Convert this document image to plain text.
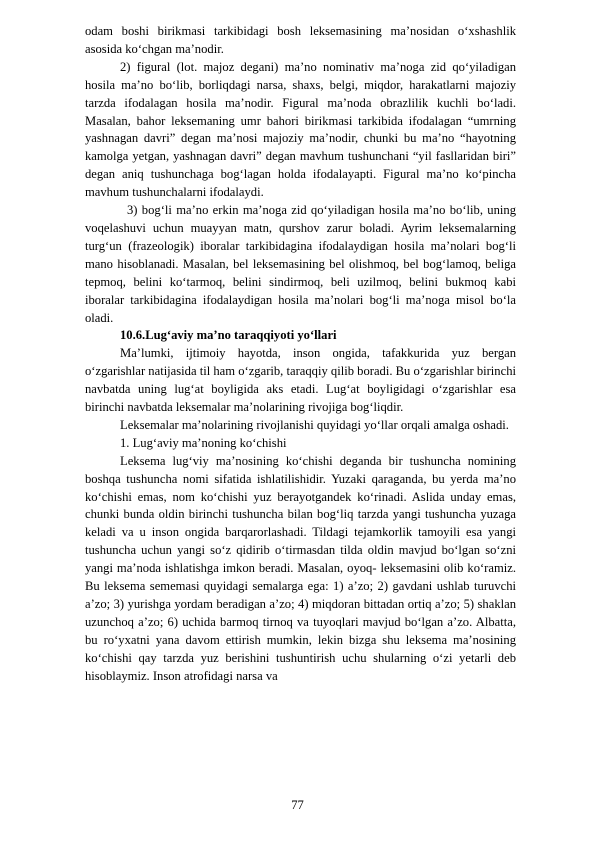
odam boshi birikmasi tarkibidagi bosh leksemasining ma’nosidan o‘xshashlik asosida ko‘chgan ma’nodir.

2) figural (lot. majoz degani) ma’no nominativ ma’noga zid qo‘yiladigan hosila ma’no bo‘lib, borliqdagi narsa, shaxs, belgi, miqdor, harakatlarni majoziy tarzda ifodalagan hosila ma’nodir. Figural ma’noda obrazlilik kuchli bo‘ladi. Masalan, bahor leksemaning umr bahori birikmasi tarkibida ifodalagan “umrning yashnagan davri” degan ma’nosi majoziy ma’nodir, chunki bu ma’no “hayotning kamolga yetgan, yashnagan davri” degan mavhum tushunchani “yil fasllaridan biri” degan aniq tushunchaga bog‘lagan holda ifodalayapti. Figural ma’no ko‘pincha mavhum tushunchalarni ifodalaydi.

3) bog‘li ma’no erkin ma’noga zid qo‘yiladigan hosila ma’no bo‘lib, uning voqelashuvi uchun muayyan matn, qurshov zarur boladi. Ayrim leksemalarning turg‘un (frazeologik) iboralar tarkibidagina ifodalaydigan hosila ma’nolari bog‘li mano hisoblanadi. Masalan, bel leksemasining bel olishmoq, bel bog‘lamoq, beliga tepmoq, belini ko‘tarmoq, belini sindirmoq, beli uzilmoq, belini bukmoq kabi iboralar tarkibidagina ifodalaydigan hosila ma’nolari bog‘li ma’noga misol bo‘la oladi.

10.6.Lug‘aviy ma’no taraqqiyoti yo‘llari

Ma’lumki, ijtimoiy hayotda, inson ongida, tafakkurida yuz bergan o‘zgarishlar natijasida til ham o‘zgarib, taraqqiy qilib boradi. Bu o‘zgarishlar birinchi navbatda uning lug‘at boyligida aks etadi. Lug‘at boyligidagi o‘zgarishlar esa birinchi navbatda leksemalar ma’nolarining rivojiga bog‘liqdir.

Leksemalar ma’nolarining rivojlanishi quyidagi yo‘llar orqali amalga oshadi.

1. Lug‘aviy ma’noning ko‘chishi

Leksema lug‘viy ma’nosining ko‘chishi deganda bir tushuncha nomining boshqa tushuncha nomi sifatida ishlatilishidir. Yuzaki qaraganda, bu yerda ma’no ko‘chishi emas, nom ko‘chishi yuz berayotgandek ko‘rinadi. Aslida unday emas, chunki bunda oldin birinchi tushuncha bilan bog‘liq tarzda yangi tushuncha yuzaga keladi va u inson ongida barqarorlashadi. Tildagi tejamkorlik tamoyili esa yangi tushuncha uchun yangi so‘z qidirib o‘tirmasdan tilda oldin mavjud bo‘lgan so‘zni yangi ma’noda ishlatishga imkon beradi. Masalan, oyoq- leksemasini olib ko‘ramiz. Bu leksema sememasi quyidagi semalarga ega: 1) a’zo; 2) gavdani ushlab turuvchi a’zo; 3) yurishga yordam beradigan a’zo; 4) miqdoran bittadan ortiq a’zo; 5) shaklan uzunchoq a’zo; 6) uchida barmoq tirnoq va tuyoqlari mavjud bo‘lgan a’zo. Albatta, bu ro‘yxatni yana davom ettirish mumkin, lekin bizga shu leksema ma’nosining ko‘chishi qay tarzda yuz berishini tushuntirish uchu shularning o‘zi yetarli deb hisoblaymiz. Inson atrofidagi narsa va

77
